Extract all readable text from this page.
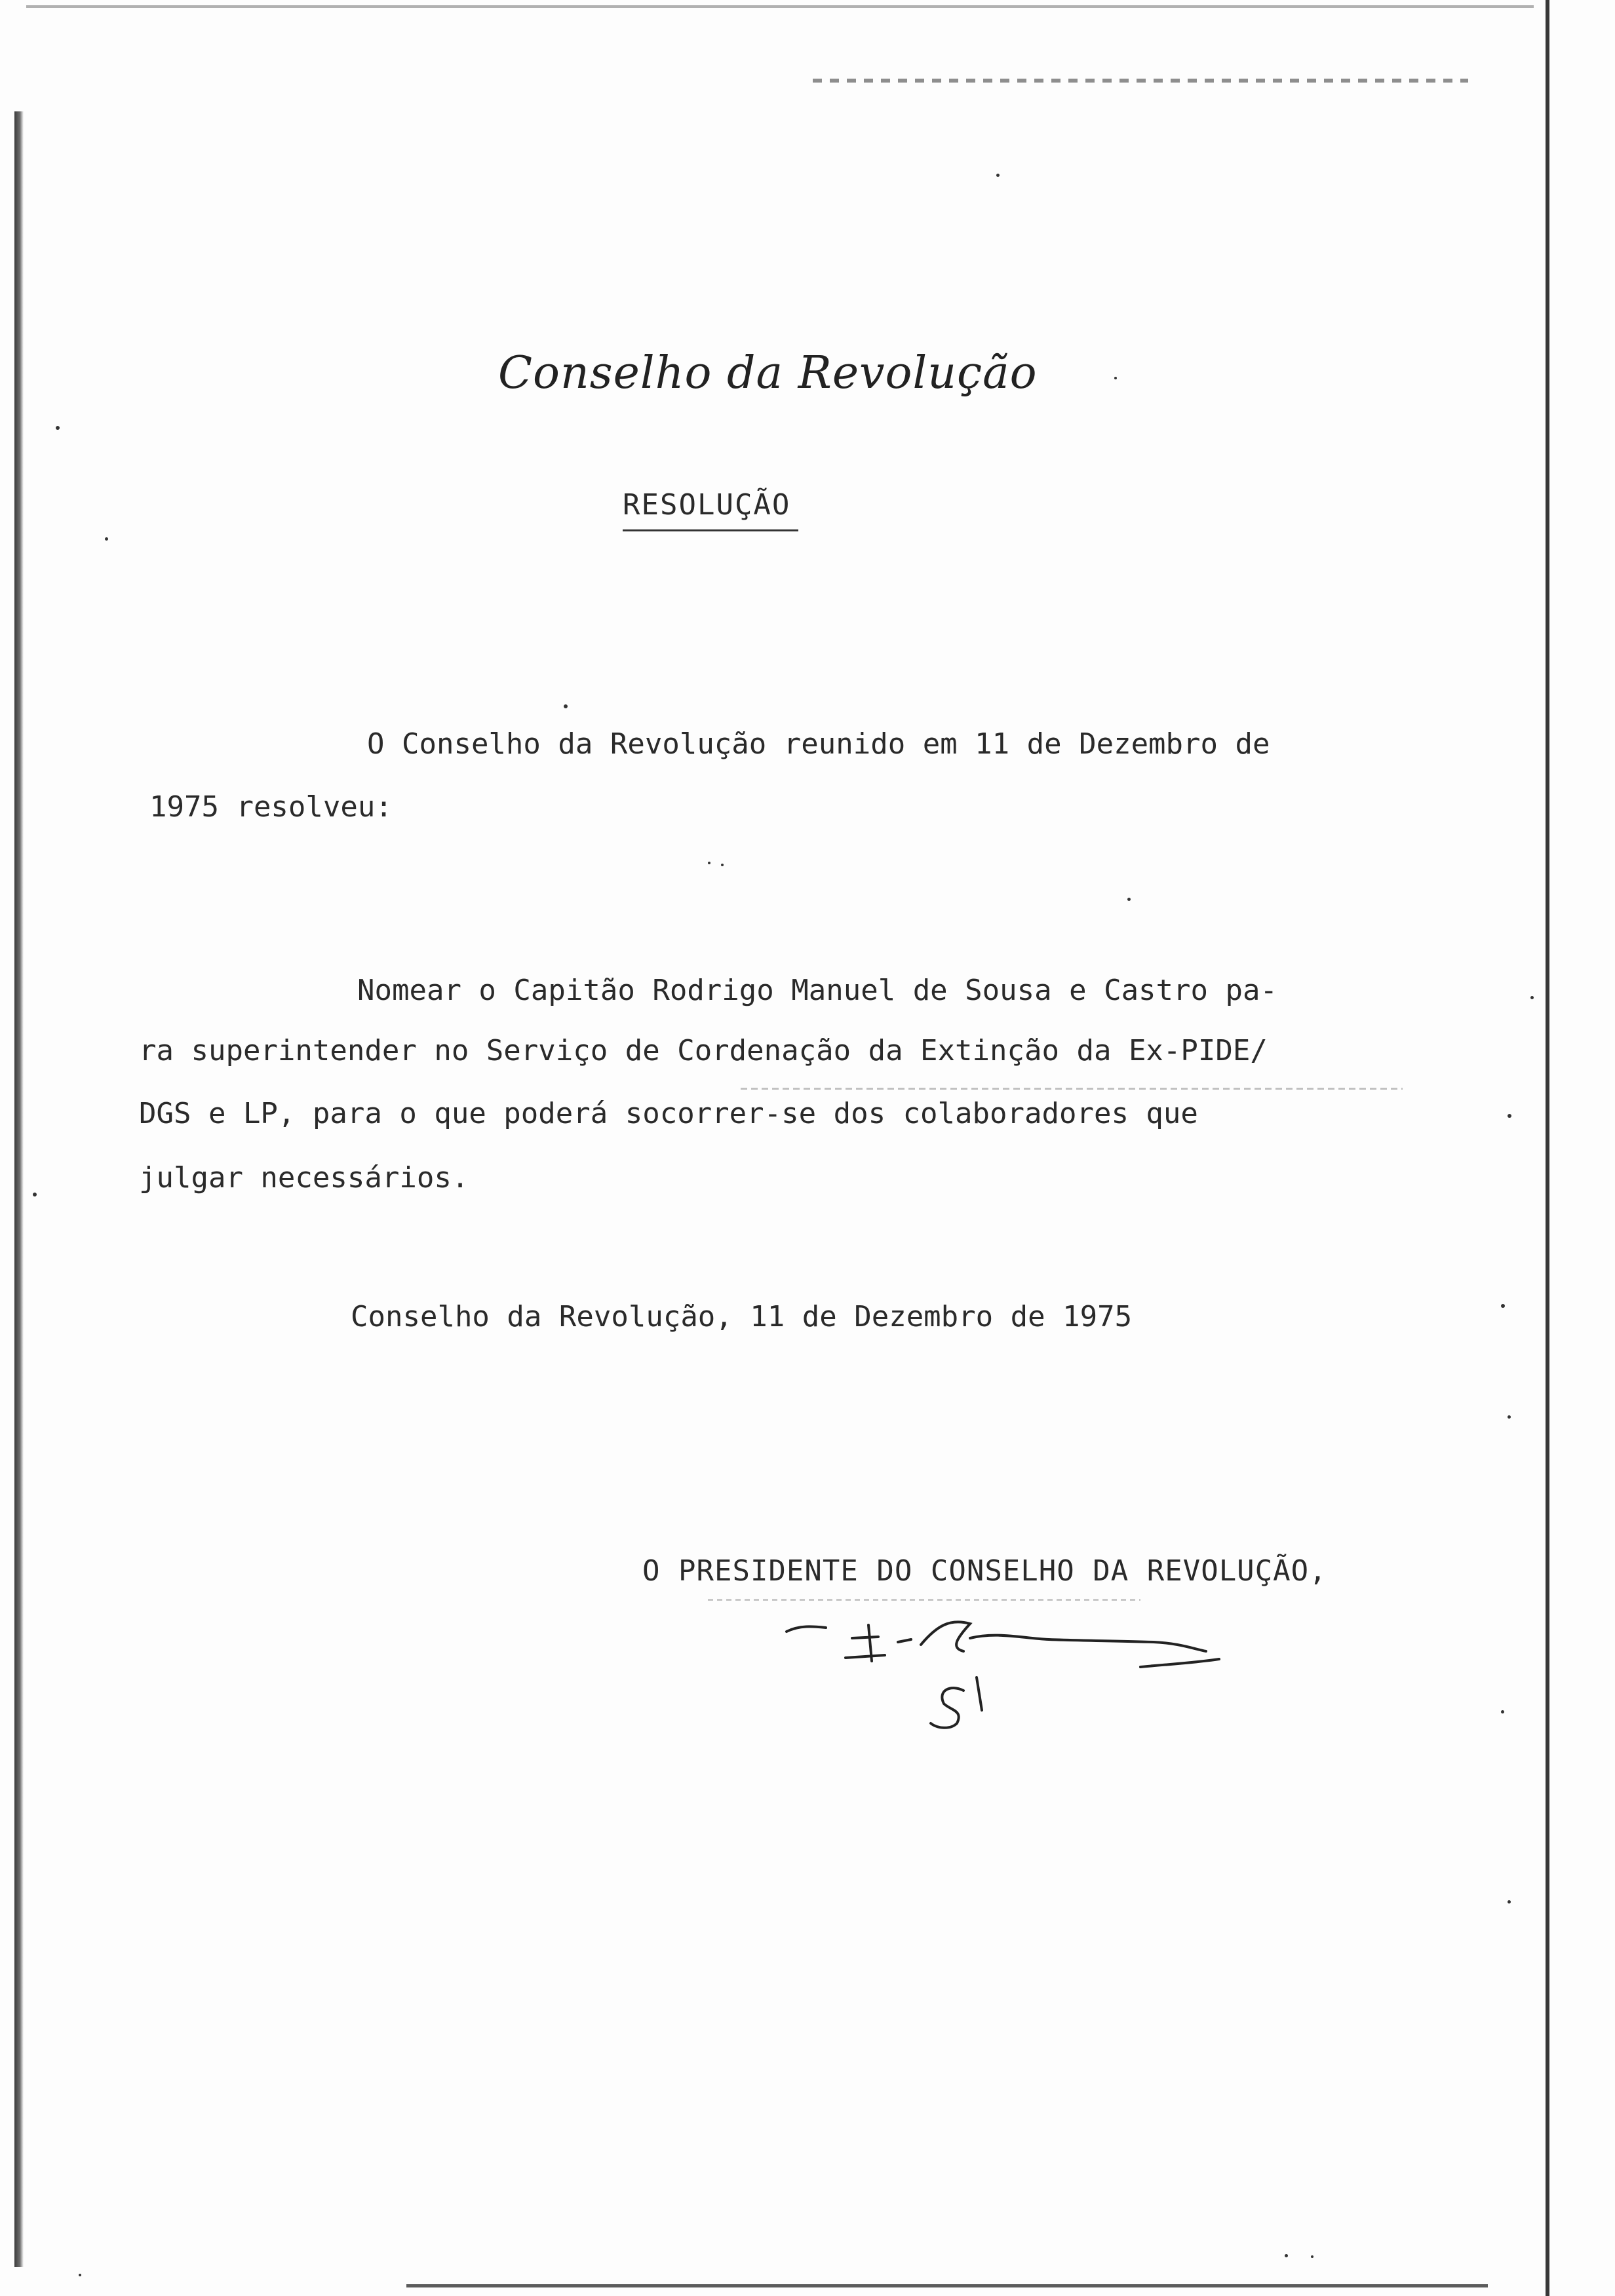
Conselho da Revolução
RESOLUÇÃO
O Conselho da Revolução reunido em 11 de Dezembro de
1975 resolveu:
Nomear o Capitão Rodrigo Manuel de Sousa e Castro pa-
ra superintender no Serviço de Cordenação da Extinção da Ex-PIDE/
DGS e LP, para o que poderá socorrer-se dos colaboradores que
julgar necessários.
Conselho da Revolução, 11 de Dezembro de 1975
O PRESIDENTE DO CONSELHO DA REVOLUÇÃO,
